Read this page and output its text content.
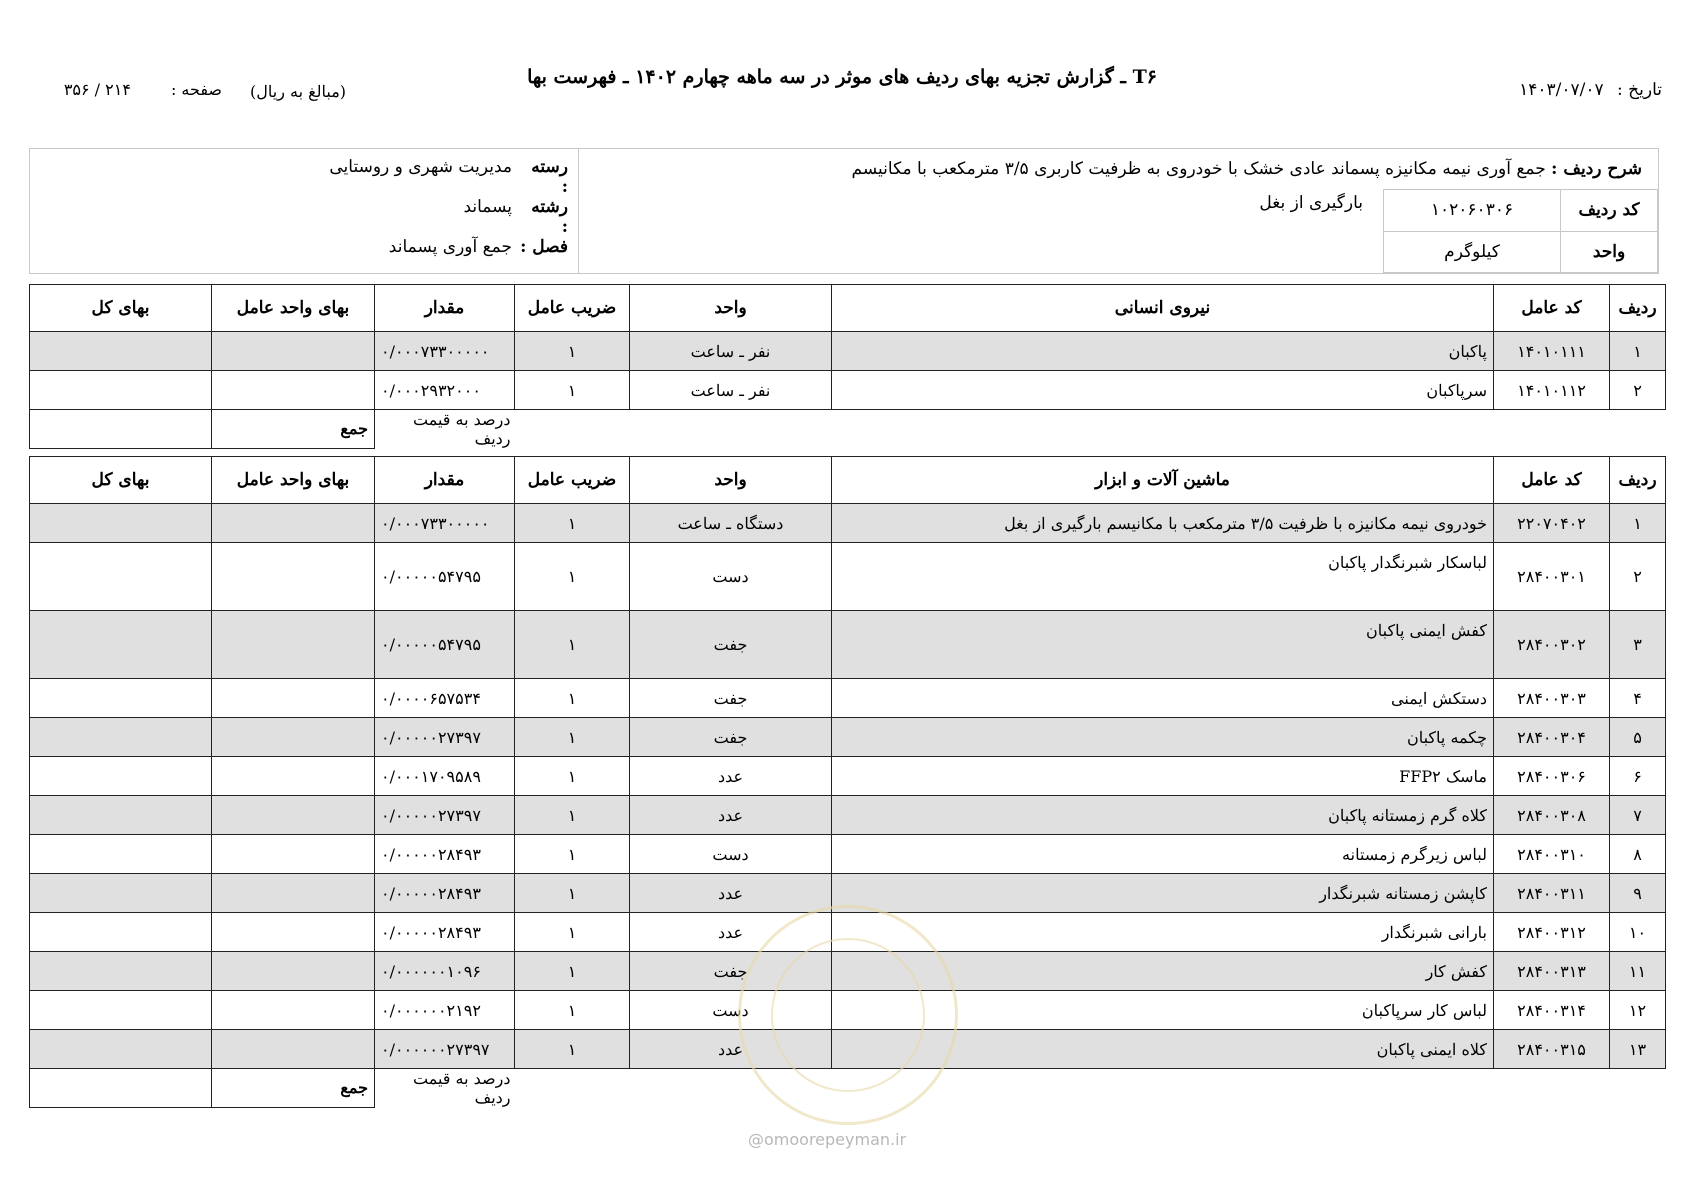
T۶ ـ گزارش تجزیه بهای ردیف های موثر در سه ماهه چهارم ۱۴۰۲ ـ فهرست بها
تاریخ : ۱۴۰۳/۰۷/۰۷
(مبالغ به ریال)
صفحه :
۲۱۴ / ۳۵۶
شرح ردیف : جمع آوری نیمه مکانیزه پسماند عادی خشک با خودروی به ظرفیت کاربری ۳/۵ مترمکعب با مکانیسم
بارگیری از بغل	کد ردیف	۱۰۲۰۶۰۳۰۶
واحد	کیلوگرم
رسته :
مدیریت شهری و روستایی
رشته :
پسماند
فصل :
جمع آوری پسماند
ردیف	کد عامل	نیروی انسانی	واحد	ضریب عامل	مقدار	بهای واحد عامل	بهای کل
۱	۱۴۰۱۰۱۱۱	پاکبان	نفر ـ ساعت	۱	۰/۰۰۰۷۳۳۰۰۰۰۰		
۲	۱۴۰۱۰۱۱۲	سرپاکبان	نفر ـ ساعت	۱	۰/۰۰۰۲۹۳۲۰۰۰		
					درصد به قیمت ردیف	جمع	
ردیف	کد عامل	ماشین آلات و ابزار	واحد	ضریب عامل	مقدار	بهای واحد عامل	بهای کل
۱	۲۲۰۷۰۴۰۲	خودروی نیمه مکانیزه با ظرفیت ۳/۵ مترمکعب با مکانیسم بارگیری از بغل	دستگاه ـ ساعت	۱	۰/۰۰۰۷۳۳۰۰۰۰۰		
۲	۲۸۴۰۰۳۰۱	لباسکار شبرنگدار پاکبان	دست	۱	۰/۰۰۰۰۰۵۴۷۹۵		
۳	۲۸۴۰۰۳۰۲	کفش ایمنی پاکبان	جفت	۱	۰/۰۰۰۰۰۵۴۷۹۵		
۴	۲۸۴۰۰۳۰۳	دستکش ایمنی	جفت	۱	۰/۰۰۰۰۶۵۷۵۳۴		
۵	۲۸۴۰۰۳۰۴	چکمه پاکبان	جفت	۱	۰/۰۰۰۰۰۲۷۳۹۷		
۶	۲۸۴۰۰۳۰۶	ماسک FFP۲	عدد	۱	۰/۰۰۰۱۷۰۹۵۸۹		
۷	۲۸۴۰۰۳۰۸	کلاه گرم زمستانه پاکبان	عدد	۱	۰/۰۰۰۰۰۲۷۳۹۷		
۸	۲۸۴۰۰۳۱۰	لباس زیرگرم زمستانه	دست	۱	۰/۰۰۰۰۰۲۸۴۹۳		
۹	۲۸۴۰۰۳۱۱	کاپشن زمستانه شبرنگدار	عدد	۱	۰/۰۰۰۰۰۲۸۴۹۳		
۱۰	۲۸۴۰۰۳۱۲	بارانی شبرنگدار	عدد	۱	۰/۰۰۰۰۰۲۸۴۹۳		
۱۱	۲۸۴۰۰۳۱۳	کفش کار	جفت	۱	۰/۰۰۰۰۰۰۱۰۹۶		
۱۲	۲۸۴۰۰۳۱۴	لباس کار سرپاکبان	دست	۱	۰/۰۰۰۰۰۰۲۱۹۲		
۱۳	۲۸۴۰۰۳۱۵	کلاه ایمنی پاکبان	عدد	۱	۰/۰۰۰۰۰۰۲۷۳۹۷		
					درصد به قیمت ردیف	جمع	
@omoorepeyman.ir
